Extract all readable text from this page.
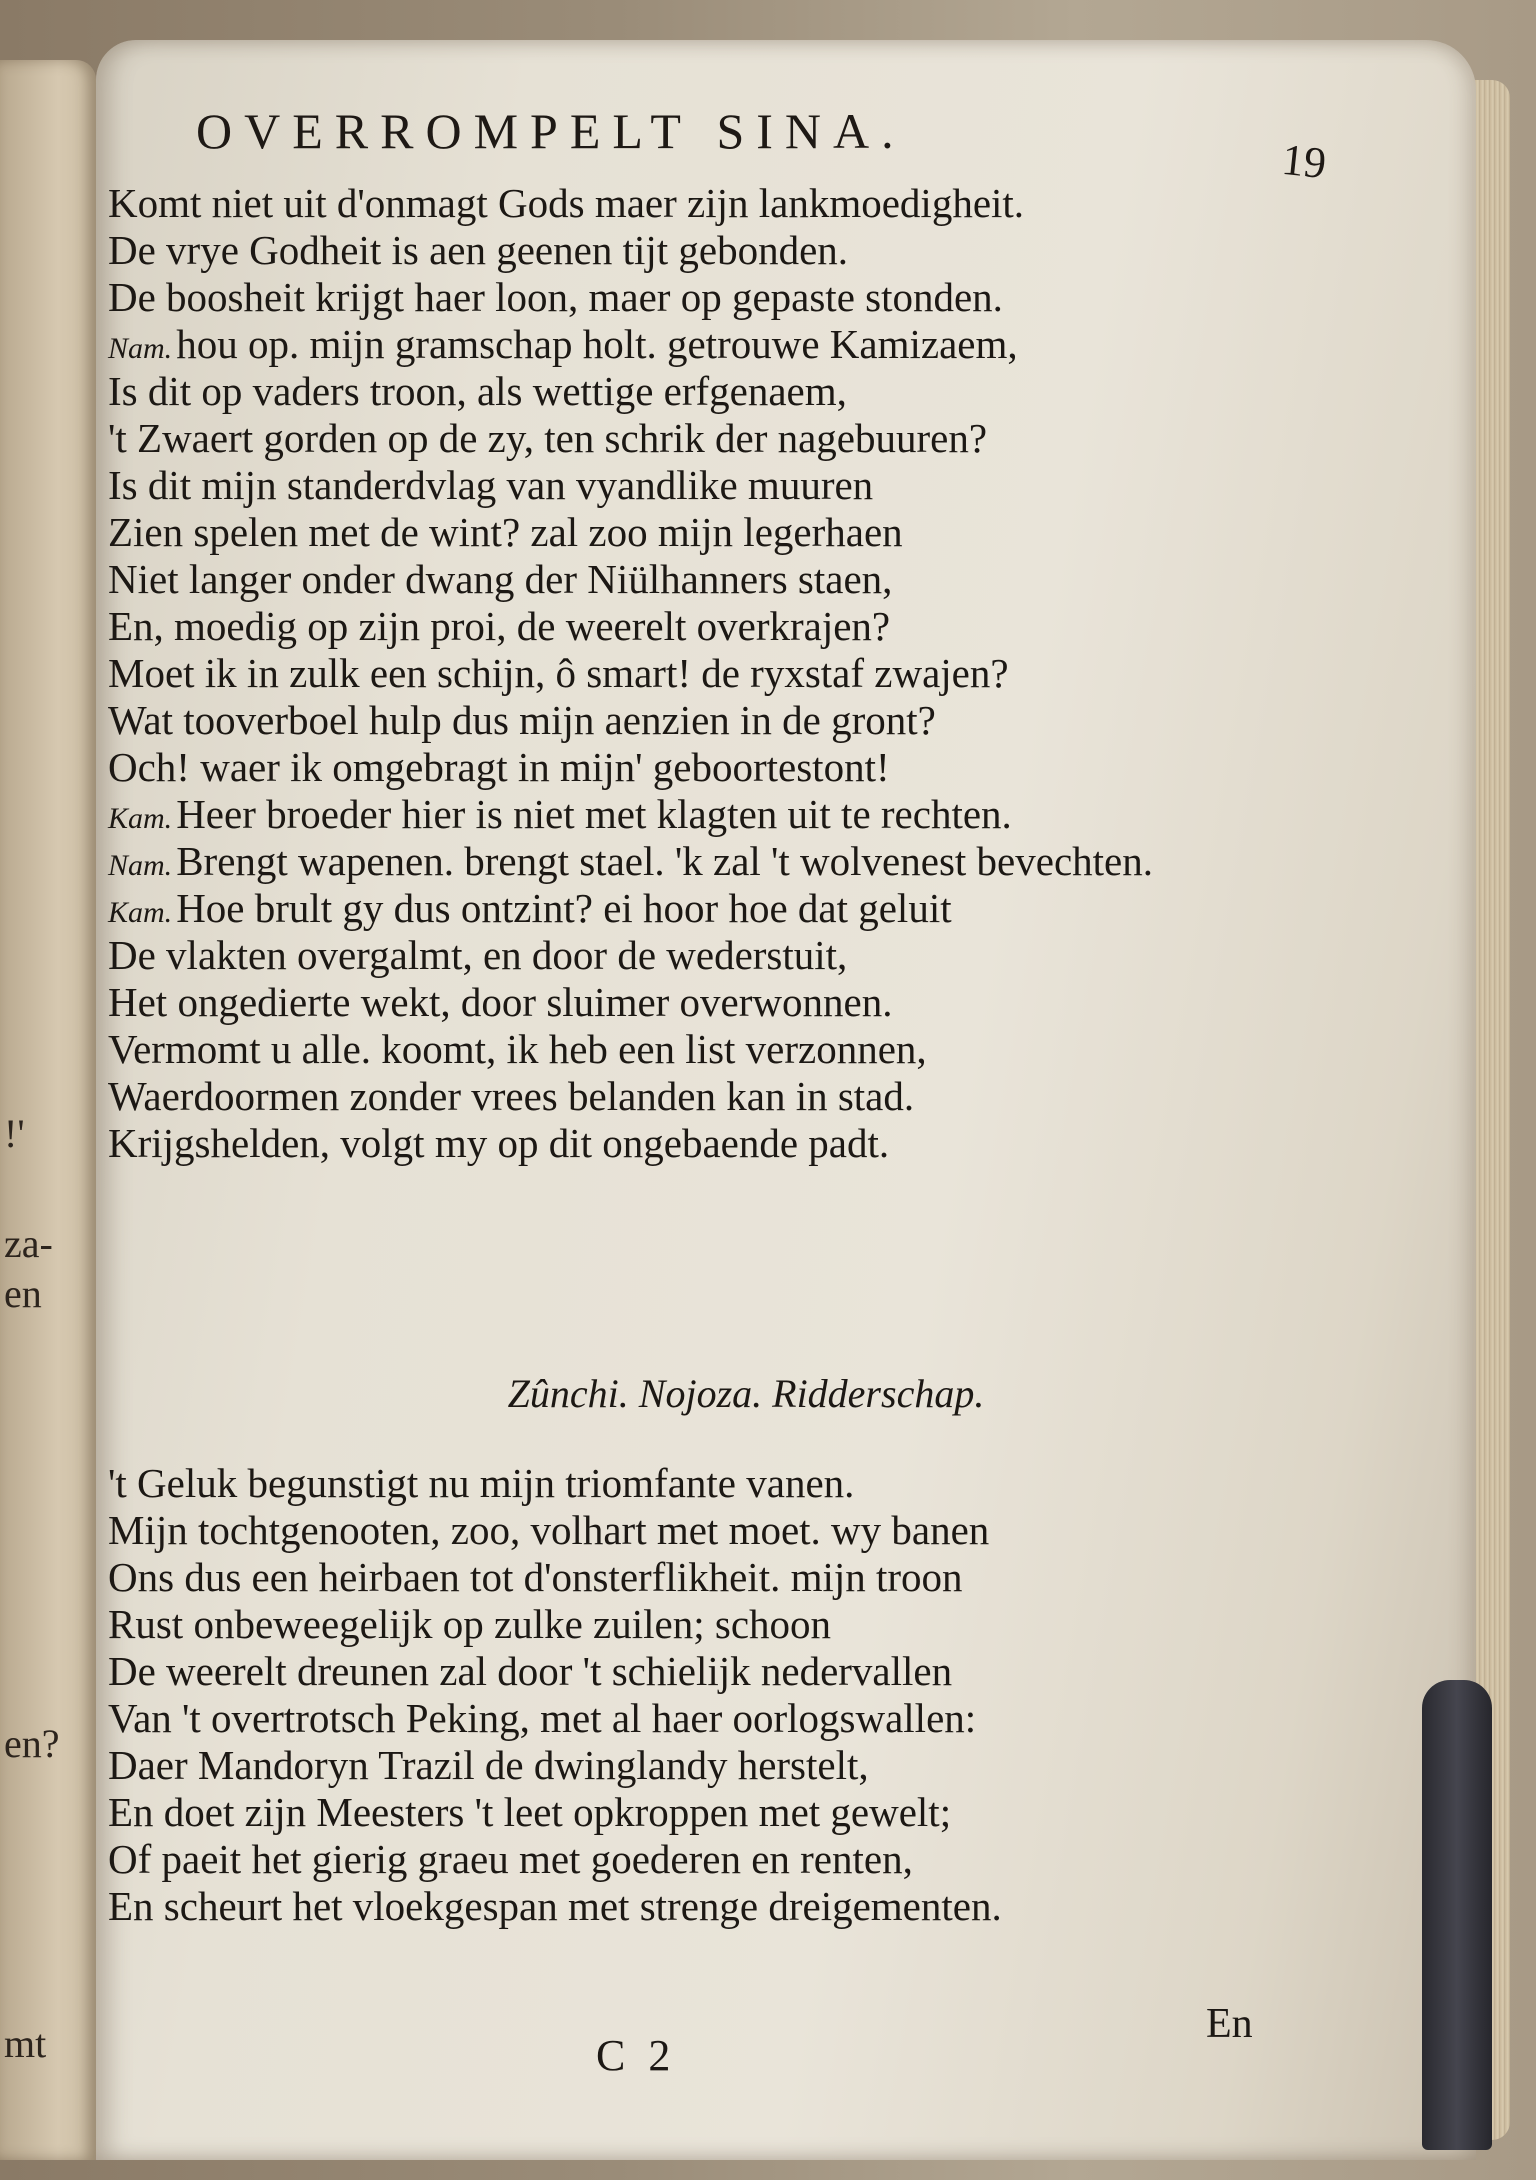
!'
za-
en
en?
mt
OVERROMPELT SINA.
19
Komt niet uit d'onmagt Gods maer zijn lankmoedigheit.
De vrye Godheit is aen geenen tijt gebonden.
De boosheit krijgt haer loon, maer op gepaste stonden.
Nam.hou op. mijn gramschap holt. getrouwe Kamizaem,
Is dit op vaders troon, als wettige erfgenaem,
't Zwaert gorden op de zy, ten schrik der nagebuuren?
Is dit mijn standerdvlag van vyandlike muuren
Zien spelen met de wint? zal zoo mijn legerhaen
Niet langer onder dwang der Niülhanners staen,
En, moedig op zijn proi, de weerelt overkrajen?
Moet ik in zulk een schijn, ô smart! de ryxstaf zwajen?
Wat tooverboel hulp dus mijn aenzien in de gront?
Och! waer ik omgebragt in mijn' geboortestont!
Kam.Heer broeder hier is niet met klagten uit te rechten.
Nam.Brengt wapenen. brengt stael. 'k zal 't wolvenest bevechten.
Kam.Hoe brult gy dus ontzint? ei hoor hoe dat geluit
De vlakten overgalmt, en door de wederstuit,
Het ongedierte wekt, door sluimer overwonnen.
Vermomt u alle. koomt, ik heb een list verzonnen,
Waerdoormen zonder vrees belanden kan in stad.
Krijgshelden, volgt my op dit ongebaende padt.
Zûnchi. Nojoza. Ridderschap.
't Geluk begunstigt nu mijn triomfante vanen.
Mijn tochtgenooten, zoo, volhart met moet. wy banen
Ons dus een heirbaen tot d'onsterflikheit. mijn troon
Rust onbeweegelijk op zulke zuilen; schoon
De weerelt dreunen zal door 't schielijk nedervallen
Van 't overtrotsch Peking, met al haer oorlogswallen:
Daer Mandoryn Trazil de dwinglandy herstelt,
En doet zijn Meesters 't leet opkroppen met gewelt;
Of paeit het gierig graeu met goederen en renten,
En scheurt het vloekgespan met strenge dreigementen.
En
C 2
